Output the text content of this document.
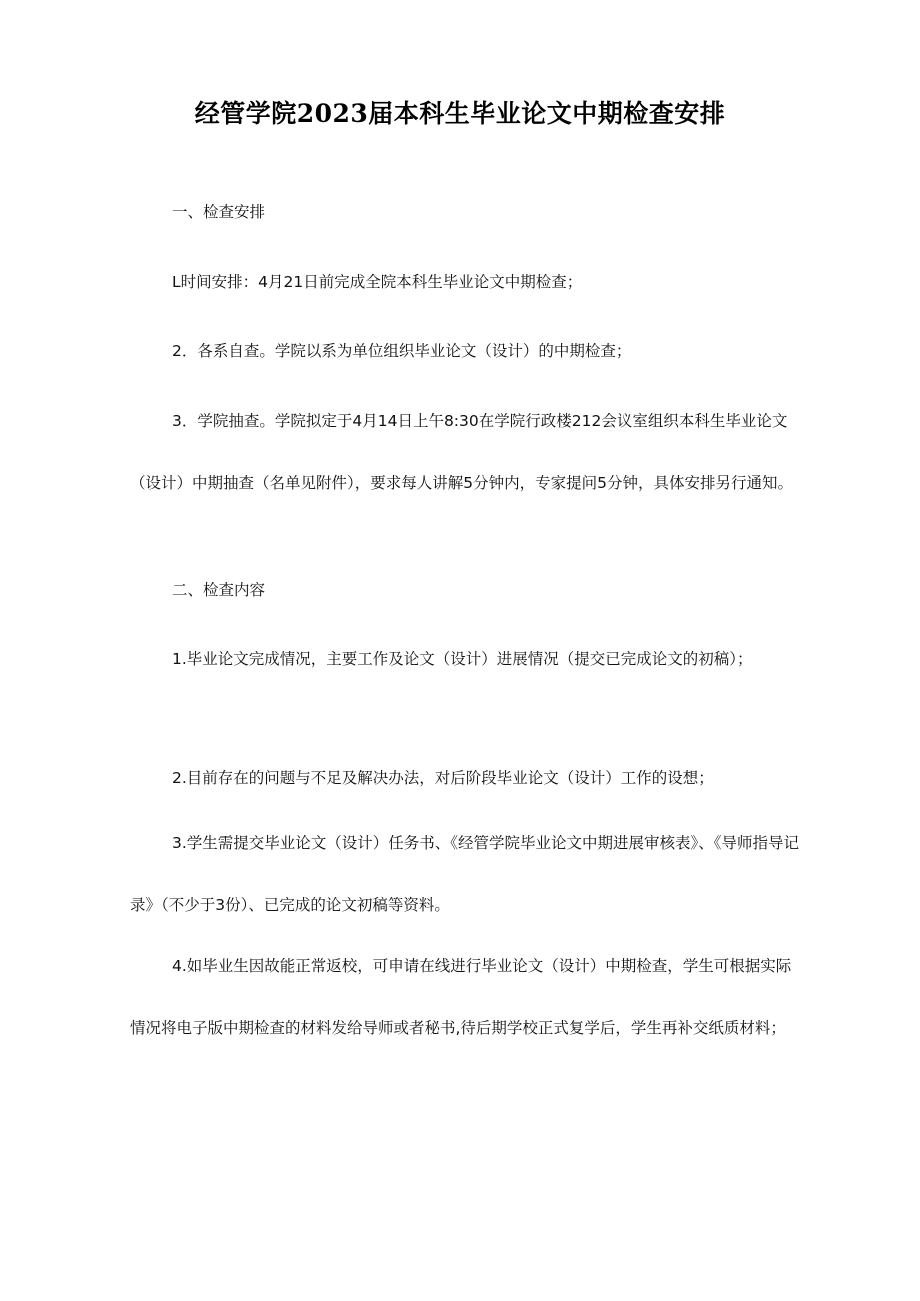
经管学院2023届本科生毕业论文中期检查安排
一、检查安排
L时间安排：4月21日前完成全院本科生毕业论文中期检查；
2．各系自查。学院以系为单位组织毕业论文（设计）的中期检查；
3．学院抽查。学院拟定于4月14日上午8:30在学院行政楼212会议室组织本科生毕业论文（设计）中期抽查（名单见附件），要求每人讲解5分钟内，专家提问5分钟，具体安排另行通知。
二、检查内容
1.毕业论文完成情况，主要工作及论文（设计）进展情况（提交已完成论文的初稿）；
2.目前存在的问题与不足及解决办法，对后阶段毕业论文（设计）工作的设想；
3.学生需提交毕业论文（设计）任务书、《经管学院毕业论文中期进展审核表》、《导师指导记录》（不少于3份）、已完成的论文初稿等资料。
4.如毕业生因故能正常返校，可申请在线进行毕业论文（设计）中期检查，学生可根据实际情况将电子版中期检查的材料发给导师或者秘书,待后期学校正式复学后，学生再补交纸质材料；
